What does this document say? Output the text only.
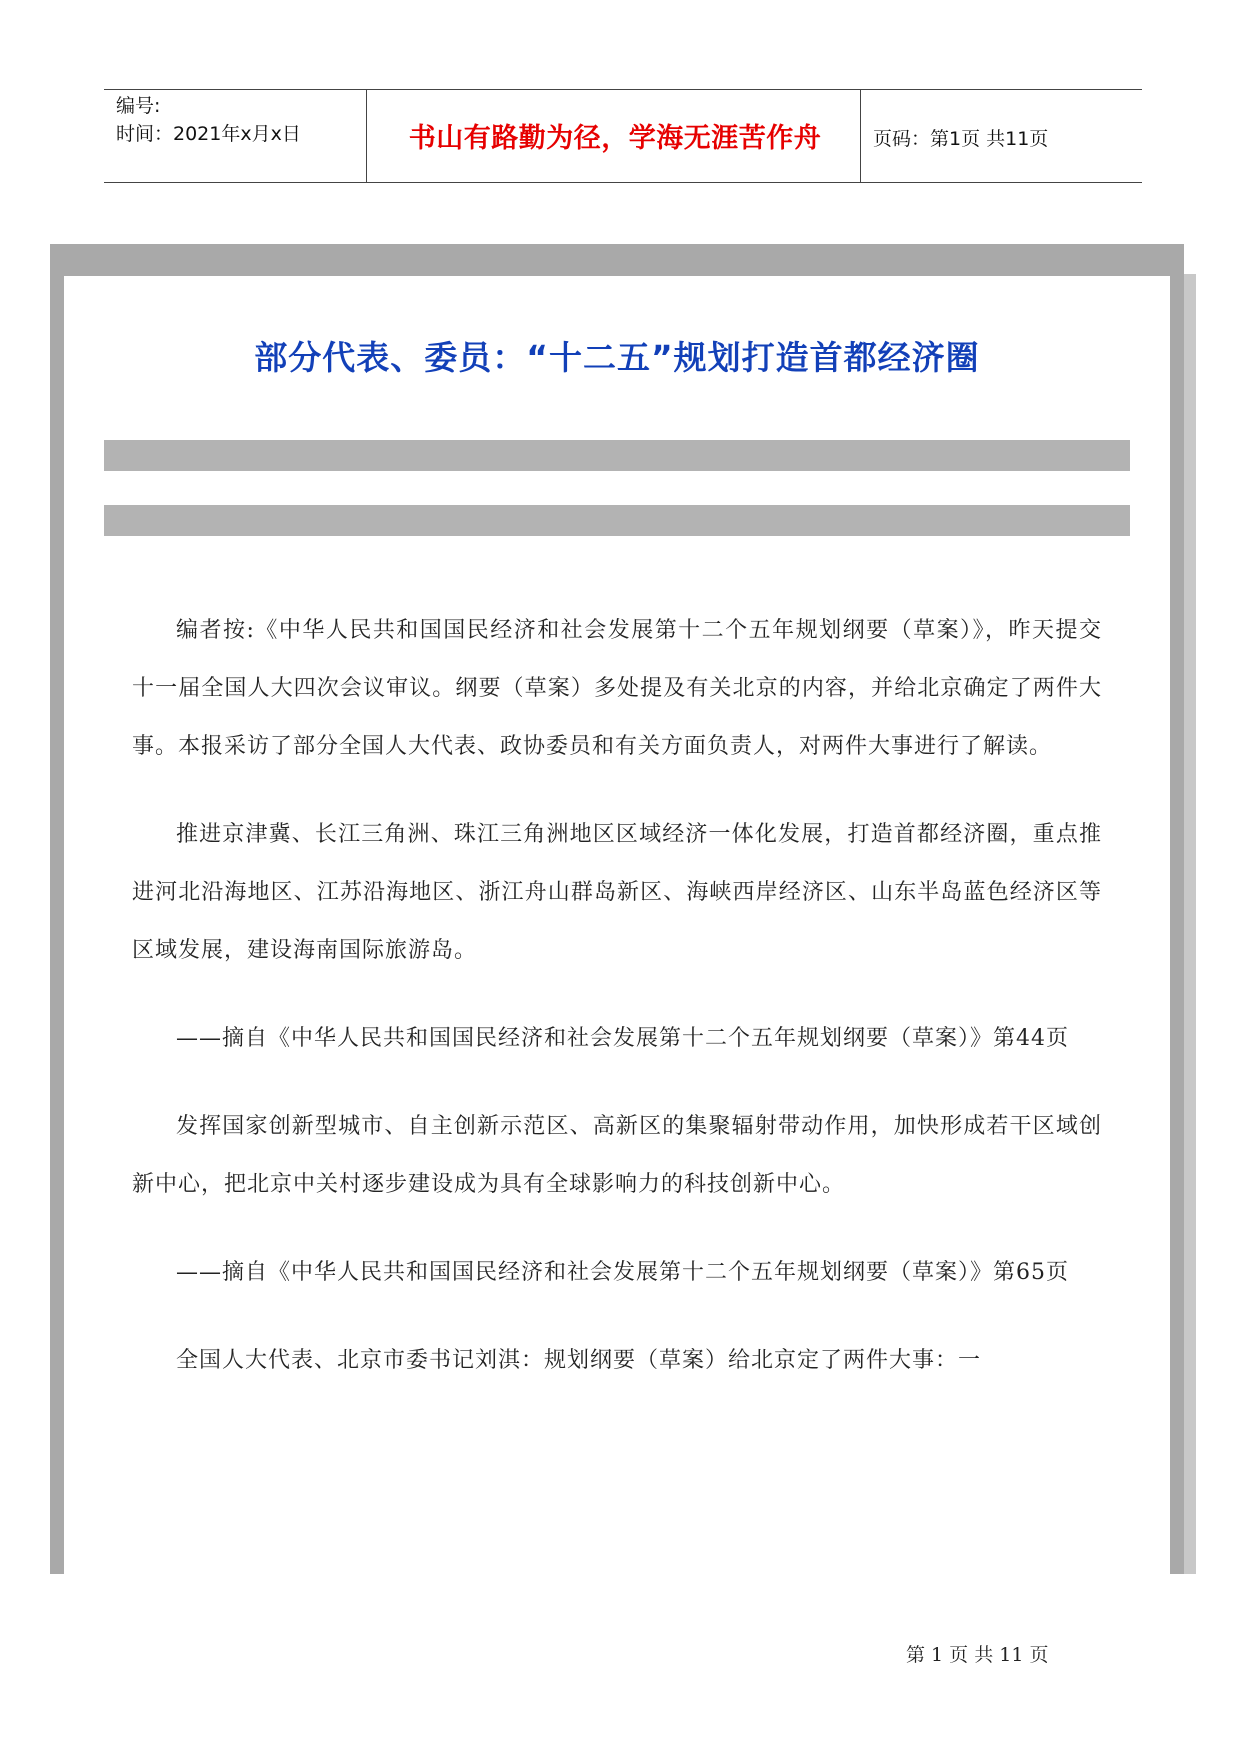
编号:
时间：2021年x月x日	书山有路勤为径，学海无涯苦作舟	页码：第1页 共11页
部分代表、委员：“十二五”规划打造首都经济圈

编者按:《中华人民共和国国民经济和社会发展第十二个五年规划纲要（草案）》，昨天提交十一届全国人大四次会议审议。纲要（草案）多处提及有关北京的内容，并给北京确定了两件大事。本报采访了部分全国人大代表、政协委员和有关方面负责人，对两件大事进行了解读。

推进京津冀、长江三角洲、珠江三角洲地区区域经济一体化发展，打造首都经济圈，重点推进河北沿海地区、江苏沿海地区、浙江舟山群岛新区、海峡西岸经济区、山东半岛蓝色经济区等区域发展，建设海南国际旅游岛。

——摘自《中华人民共和国国民经济和社会发展第十二个五年规划纲要（草案）》第44页

发挥国家创新型城市、自主创新示范区、高新区的集聚辐射带动作用，加快形成若干区域创新中心，把北京中关村逐步建设成为具有全球影响力的科技创新中心。

——摘自《中华人民共和国国民经济和社会发展第十二个五年规划纲要（草案）》第65页

全国人大代表、北京市委书记刘淇：规划纲要（草案）给北京定了两件大事：一

第 1 页 共 11 页
